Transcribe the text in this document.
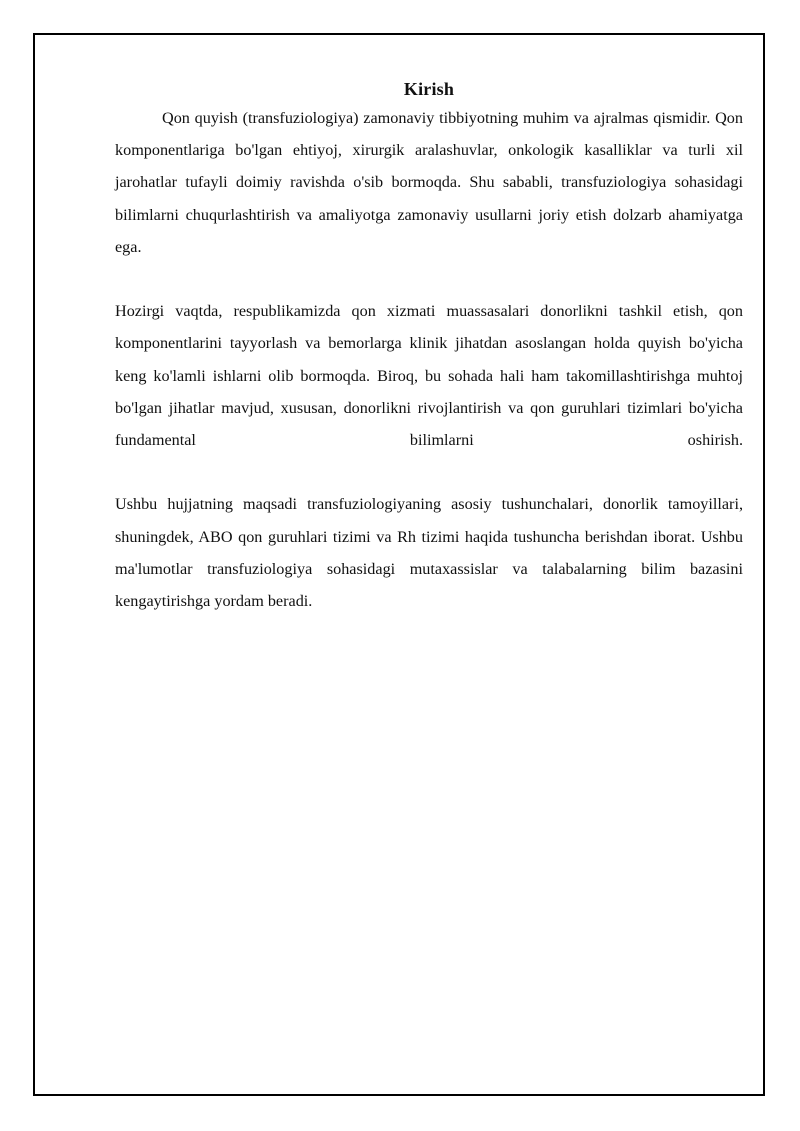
Kirish

Qon quyish (transfuziologiya) zamonaviy tibbiyotning muhim va ajralmas qismidir. Qon komponentlariga bo'lgan ehtiyoj, xirurgik aralashuvlar, onkologik kasalliklar va turli xil jarohatlar tufayli doimiy ravishda o'sib bormoqda. Shu sababli, transfuziologiya sohasidagi bilimlarni chuqurlashtirish va amaliyotga zamonaviy usullarni joriy etish dolzarb ahamiyatga ega.

Hozirgi vaqtda, respublikamizda qon xizmati muassasalari donorlikni tashkil etish, qon komponentlarini tayyorlash va bemorlarga klinik jihatdan asoslangan holda quyish bo'yicha keng ko'lamli ishlarni olib bormoqda. Biroq, bu sohada hali ham takomillashtirishga muhtoj bo'lgan jihatlar mavjud, xususan, donorlikni rivojlantirish va qon guruhlari tizimlari bo'yicha fundamental bilimlarni oshirish.

Ushbu hujjatning maqsadi transfuziologiyaning asosiy tushunchalari, donorlik tamoyillari, shuningdek, ABO qon guruhlari tizimi va Rh tizimi haqida tushuncha berishdan iborat. Ushbu ma'lumotlar transfuziologiya sohasidagi mutaxassislar va talabalarning bilim bazasini kengaytirishga yordam beradi.
